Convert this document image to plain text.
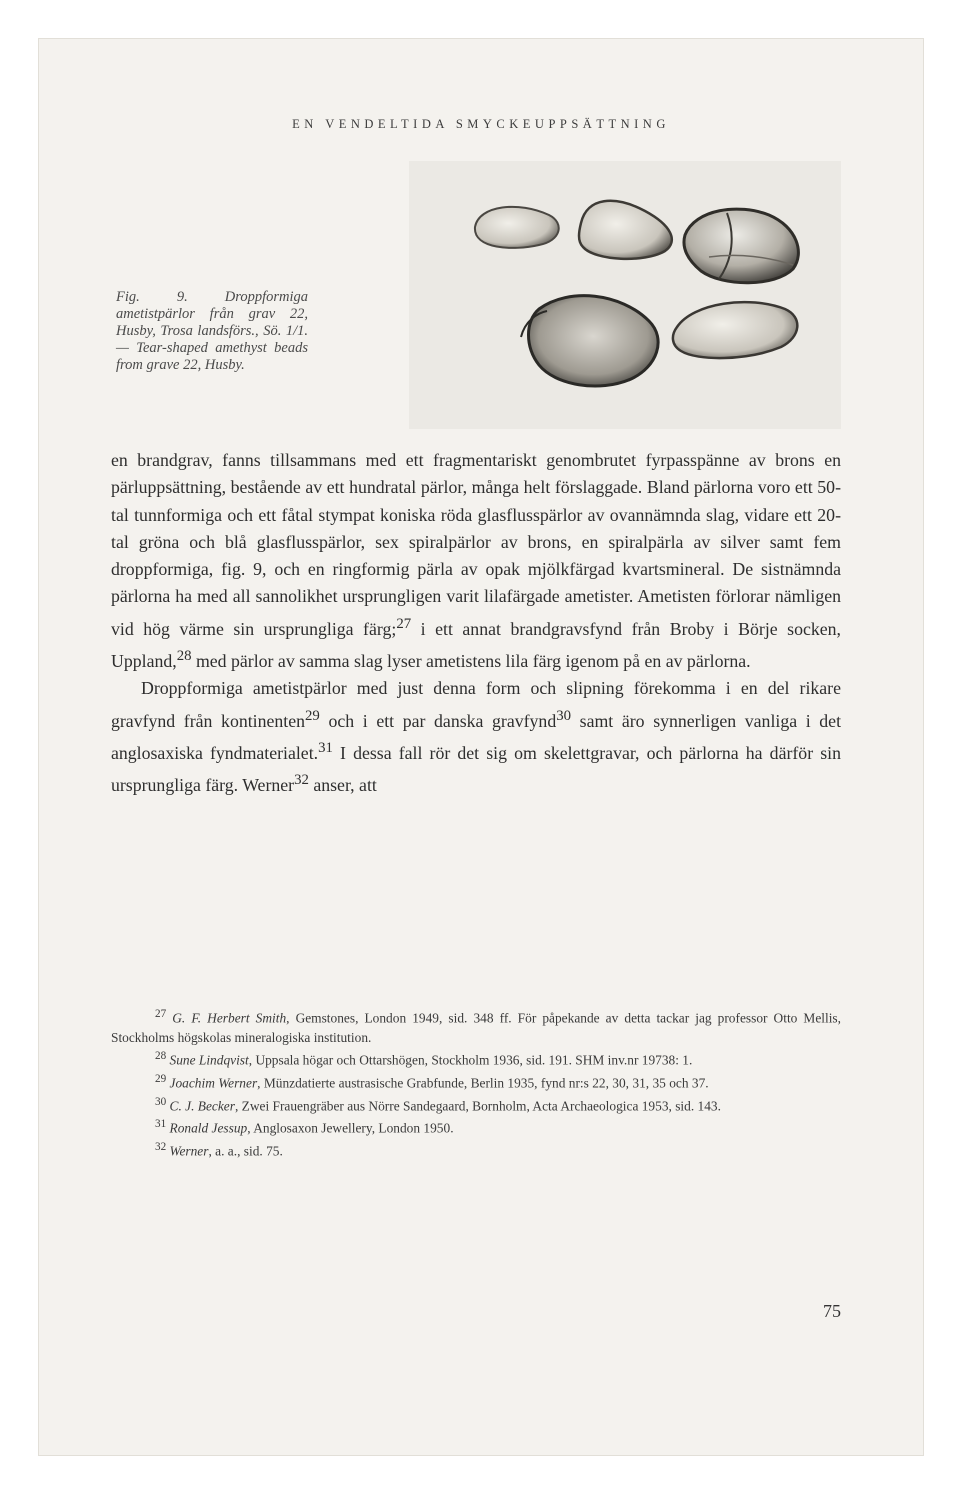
EN VENDELTIDA SMYCKEUPPSÄTTNING

Fig. 9. Droppformiga ametistpärlor från grav 22, Husby, Trosa landsförs., Sö. 1/1. — Tear-shaped amethyst beads from grave 22, Husby.

en brandgrav, fanns tillsammans med ett fragmentariskt genombrutet fyrpasspänne av brons en pärluppsättning, bestående av ett hundratal pärlor, många helt förslaggade. Bland pärlorna voro ett 50-tal tunnformiga och ett fåtal stympat koniska röda glasflusspärlor av ovannämnda slag, vidare ett 20-tal gröna och blå glasflusspärlor, sex spiralpärlor av brons, en spiralpärla av silver samt fem droppformiga, fig. 9, och en ringformig pärla av opak mjölkfärgad kvartsmineral. De sistnämnda pärlorna ha med all sannolikhet ursprungligen varit lilafärgade ametister. Ametisten förlorar nämligen vid hög värme sin ursprungliga färg;$^{27}$ i ett annat brandgravsfynd från Broby i Börje socken, Uppland,$^{28}$ med pärlor av samma slag lyser ametistens lila färg igenom på en av pärlorna.

Droppformiga ametistpärlor med just denna form och slipning förekomma i en del rikare gravfynd från kontinenten$^{29}$ och i ett par danska gravfynd$^{30}$ samt äro synnerligen vanliga i det anglosaxiska fyndmaterialet.$^{31}$ I dessa fall rör det sig om skelettgravar, och pärlorna ha därför sin ursprungliga färg. Werner$^{32}$ anser, att

$^{27}$ G. F. Herbert Smith, Gemstones, London 1949, sid. 348 ff. För påpekande av detta tackar jag professor Otto Mellis, Stockholms högskolas mineralogiska institution.

$^{28}$ Sune Lindqvist, Uppsala högar och Ottarshögen, Stockholm 1936, sid. 191. SHM inv.nr 19738: 1.

$^{29}$ Joachim Werner, Münzdatierte austrasische Grabfunde, Berlin 1935, fynd nr:s 22, 30, 31, 35 och 37.

$^{30}$ C. J. Becker, Zwei Frauengräber aus Nörre Sandegaard, Bornholm, Acta Archaeologica 1953, sid. 143.

$^{31}$ Ronald Jessup, Anglosaxon Jewellery, London 1950.

$^{32}$ Werner, a. a., sid. 75.

75
